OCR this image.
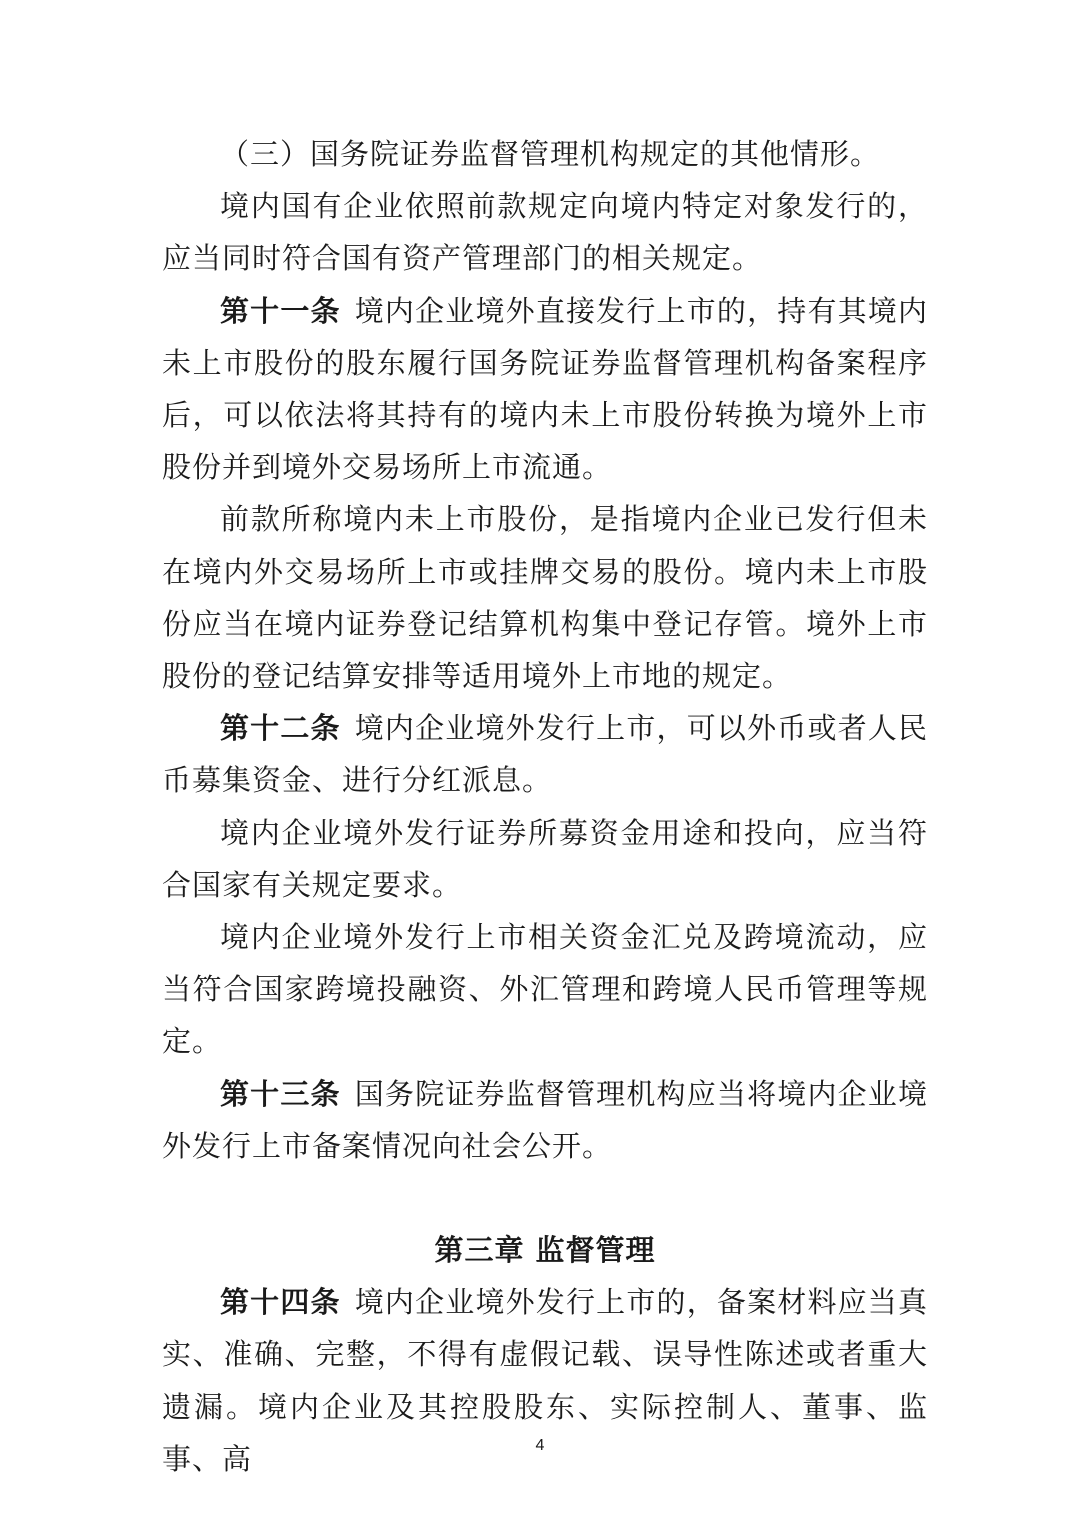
（三）国务院证券监督管理机构规定的其他情形。

境内国有企业依照前款规定向境内特定对象发行的，应当同时符合国有资产管理部门的相关规定。

第十一条 境内企业境外直接发行上市的，持有其境内未上市股份的股东履行国务院证券监督管理机构备案程序后，可以依法将其持有的境内未上市股份转换为境外上市股份并到境外交易场所上市流通。

前款所称境内未上市股份，是指境内企业已发行但未在境内外交易场所上市或挂牌交易的股份。境内未上市股份应当在境内证券登记结算机构集中登记存管。境外上市股份的登记结算安排等适用境外上市地的规定。

第十二条 境内企业境外发行上市，可以外币或者人民币募集资金、进行分红派息。

境内企业境外发行证券所募资金用途和投向，应当符合国家有关规定要求。

境内企业境外发行上市相关资金汇兑及跨境流动，应当符合国家跨境投融资、外汇管理和跨境人民币管理等规定。

第十三条 国务院证券监督管理机构应当将境内企业境外发行上市备案情况向社会公开。

第三章 监督管理

第十四条 境内企业境外发行上市的，备案材料应当真实、准确、完整，不得有虚假记载、误导性陈述或者重大遗漏。境内企业及其控股股东、实际控制人、董事、监事、高	4
